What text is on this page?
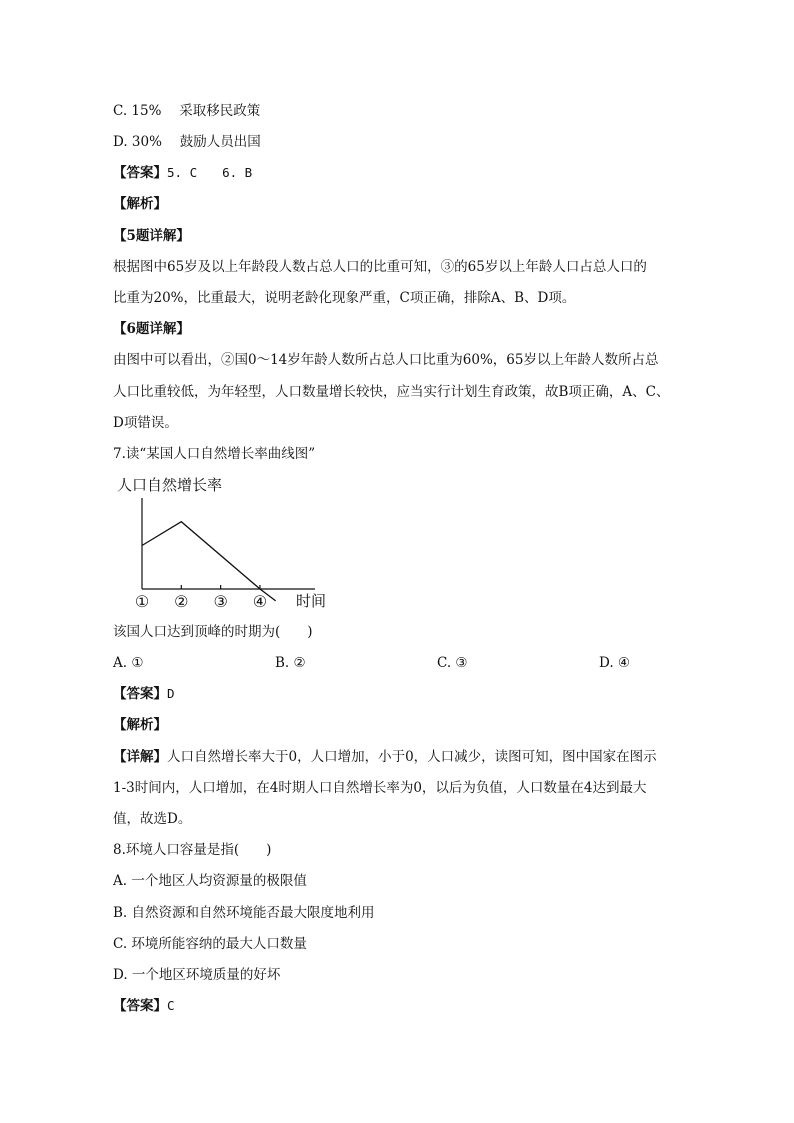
C. 15%　 采取移民政策
D. 30%　 鼓励人员出国
【答案】5. C　　6. B
【解析】
【5题详解】
根据图中65岁及以上年龄段人数占总人口的比重可知，③的65岁以上年龄人口占总人口的
比重为20%，比重最大，说明老龄化现象严重，C项正确，排除A、B、D项。
【6题详解】
由图中可以看出，②国0～14岁年龄人数所占总人口比重为60%，65岁以上年龄人数所占总
人口比重较低，为年轻型，人口数量增长较快，应当实行计划生育政策，故B项正确，A、C、
D项错误。
7.读“某国人口自然增长率曲线图”
人口自然增长率
① ② ③ ④ 时间
该国人口达到顶峰的时期为(　　)
A. ①	B. ②	C. ③	D. ④
【答案】D
【解析】
【详解】人口自然增长率大于0，人口增加，小于0，人口减少，读图可知，图中国家在图示
1-3时间内，人口增加，在4时期人口自然增长率为0，以后为负值，人口数量在4达到最大
值，故选D。
8.环境人口容量是指(　　)
A. 一个地区人均资源量的极限值
B. 自然资源和自然环境能否最大限度地利用
C. 环境所能容纳的最大人口数量
D. 一个地区环境质量的好坏
【答案】C
